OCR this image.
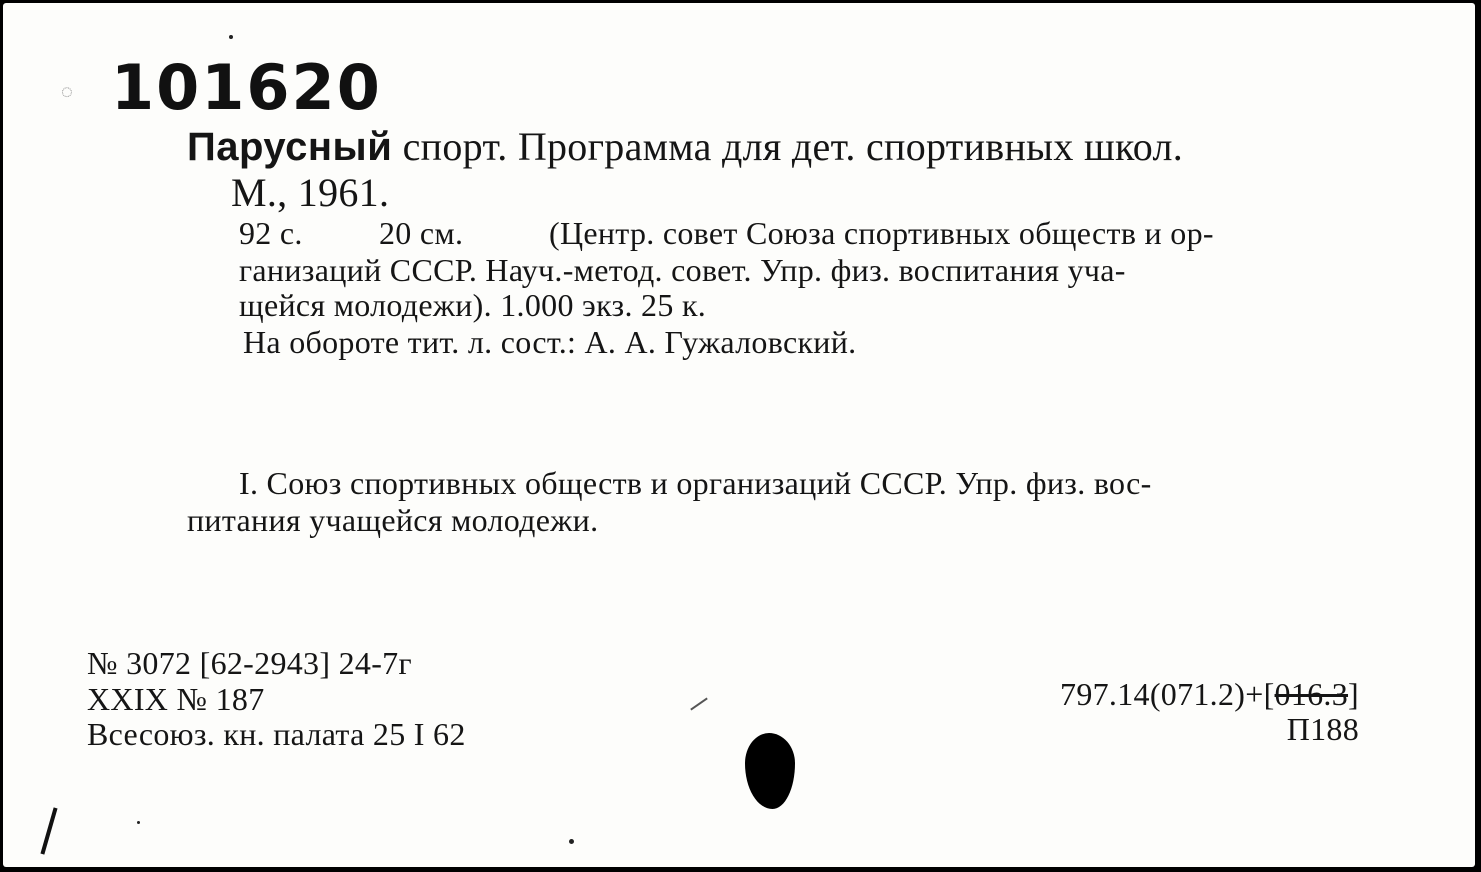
◌ 101620
Парусный спорт. Программа для дет. спортивных школ.
М., 1961.
92 с. 20 см.	(Центр. совет Союза спортивных обществ и ор-
ганизаций СССР. Науч.-метод. совет. Упр. физ. воспитания уча-
щейся молодежи). 1.000 экз. 25 к.
На обороте тит. л. сост.: А. А. Гужаловский.
I. Союз спортивных обществ и организаций СССР. Упр. физ. вос-
питания учащейся молодежи.
№ 3072 [62-2943] 24-7г
XXIX № 187
Всесоюз. кн. палата 25 I 62
797.14(071.2)+[016.3]
П188
